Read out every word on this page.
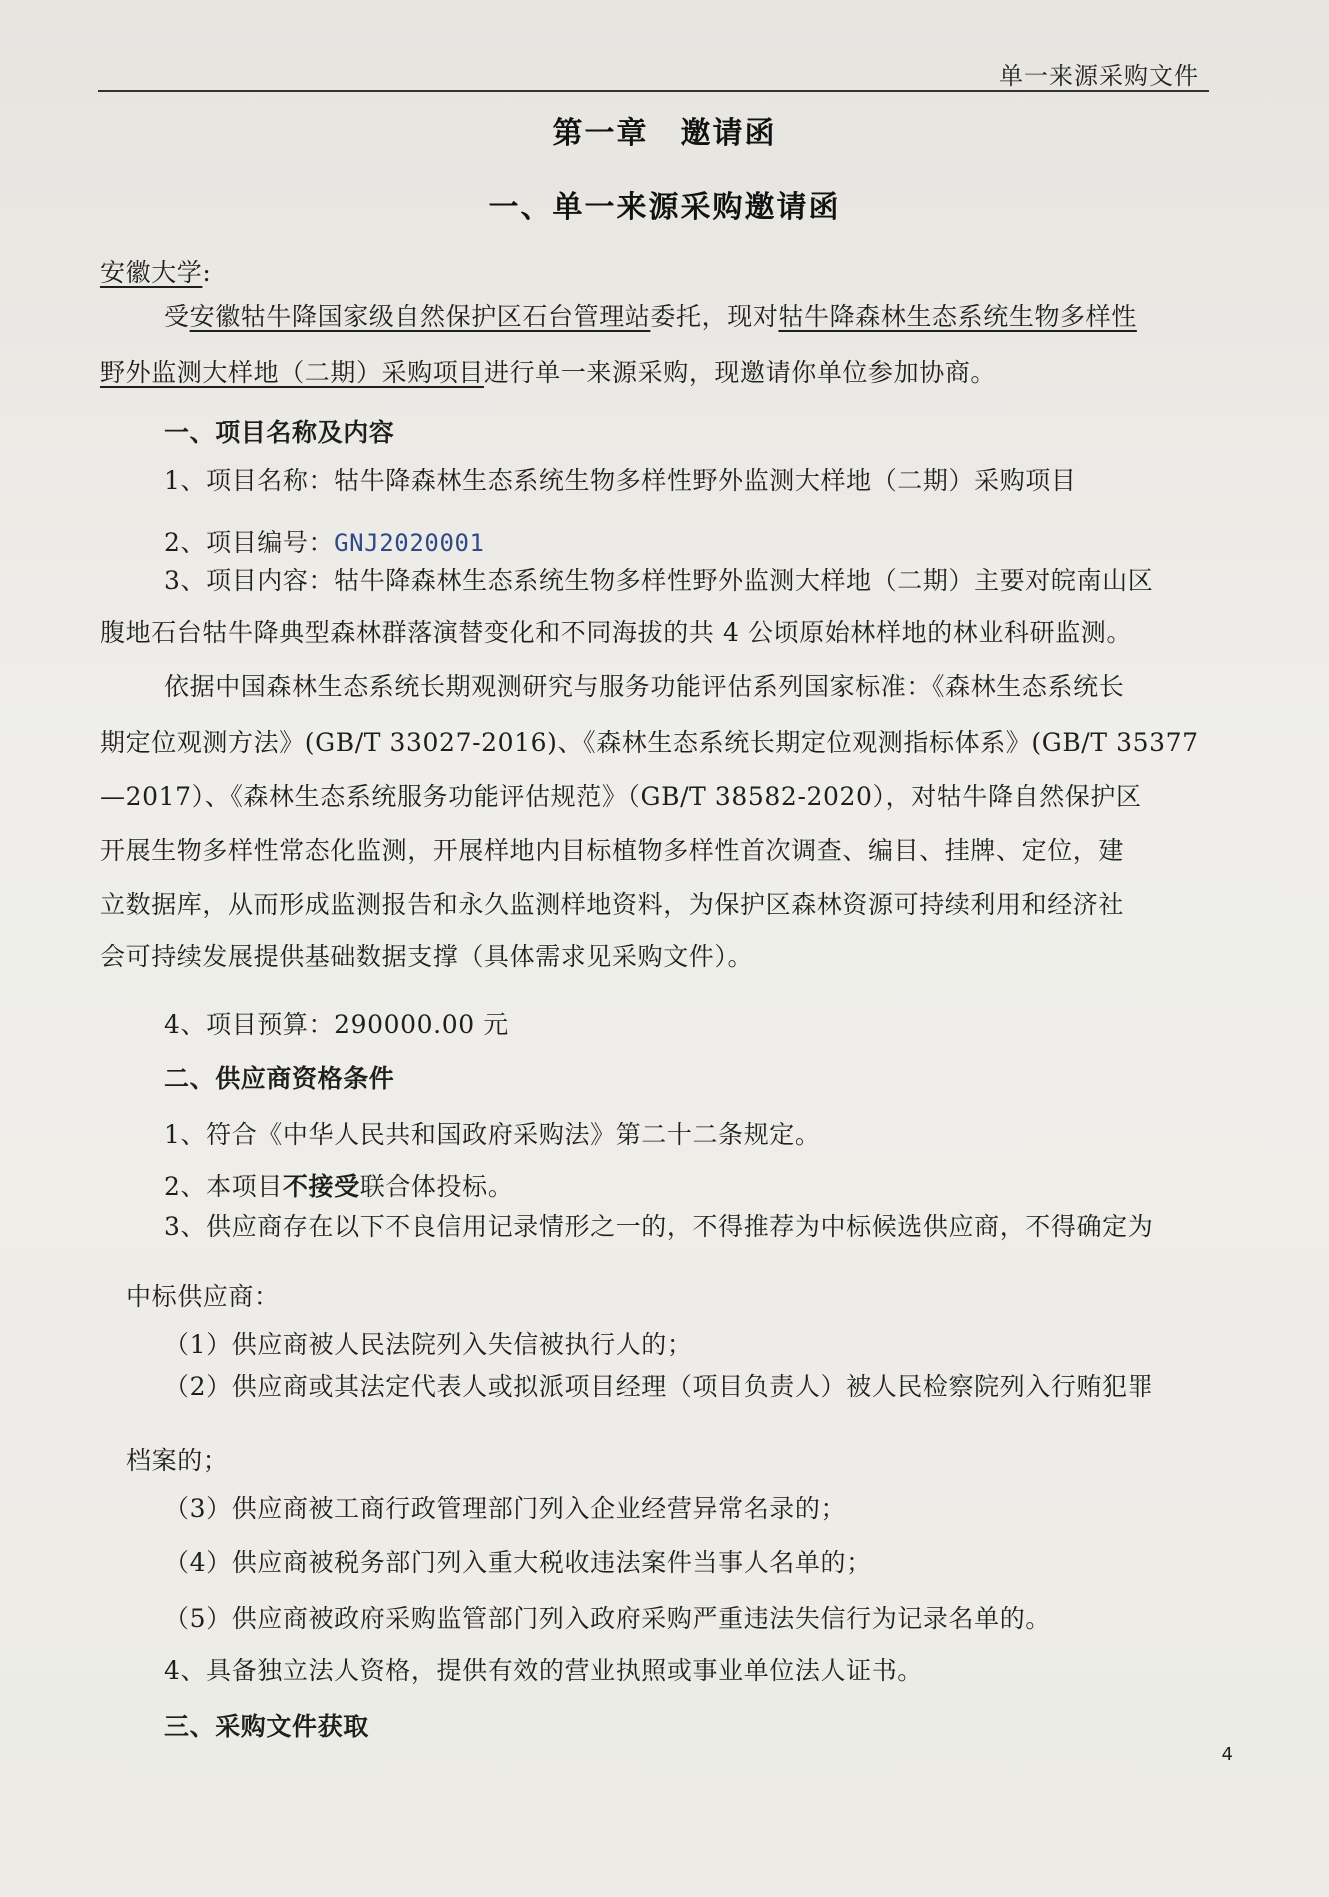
单一来源采购文件
第一章　邀请函
一、单一来源采购邀请函
安徽大学:
受安徽牯牛降国家级自然保护区石台管理站委托，现对牯牛降森林生态系统生物多样性
野外监测大样地（二期）采购项目进行单一来源采购，现邀请你单位参加协商。
一、项目名称及内容
1、项目名称：牯牛降森林生态系统生物多样性野外监测大样地（二期）采购项目
2、项目编号：GNJ2020001
3、项目内容：牯牛降森林生态系统生物多样性野外监测大样地（二期）主要对皖南山区
腹地石台牯牛降典型森林群落演替变化和不同海拔的共 4 公顷原始林样地的林业科研监测。
依据中国森林生态系统长期观测研究与服务功能评估系列国家标准：《森林生态系统长
期定位观测方法》(GB/T 33027-2016)、《森林生态系统长期定位观测指标体系》(GB/T 35377
—2017）、《森林生态系统服务功能评估规范》（GB/T 38582-2020），对牯牛降自然保护区
开展生物多样性常态化监测，开展样地内目标植物多样性首次调查、编目、挂牌、定位，建
立数据库，从而形成监测报告和永久监测样地资料，为保护区森林资源可持续利用和经济社
会可持续发展提供基础数据支撑（具体需求见采购文件）。
4、项目预算：290000.00 元
二、供应商资格条件
1、符合《中华人民共和国政府采购法》第二十二条规定。
2、本项目不接受联合体投标。
3、供应商存在以下不良信用记录情形之一的，不得推荐为中标候选供应商，不得确定为
中标供应商：
（1）供应商被人民法院列入失信被执行人的；
（2）供应商或其法定代表人或拟派项目经理（项目负责人）被人民检察院列入行贿犯罪
档案的；
（3）供应商被工商行政管理部门列入企业经营异常名录的；
（4）供应商被税务部门列入重大税收违法案件当事人名单的；
（5）供应商被政府采购监管部门列入政府采购严重违法失信行为记录名单的。
4、具备独立法人资格，提供有效的营业执照或事业单位法人证书。
三、采购文件获取
4
